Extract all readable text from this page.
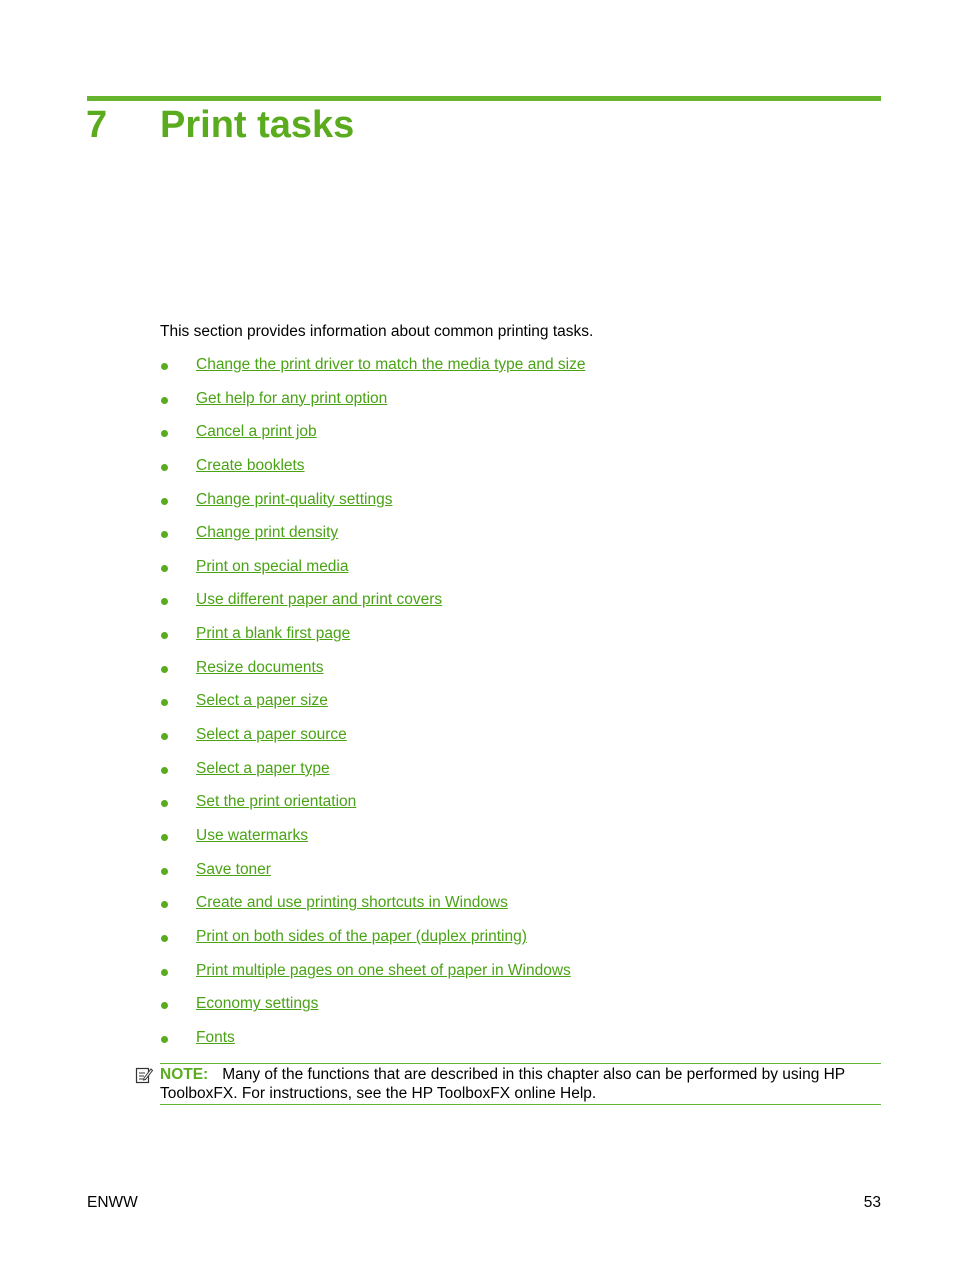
7 Print tasks
This section provides information about common printing tasks.
Change the print driver to match the media type and size
Get help for any print option
Cancel a print job
Create booklets
Change print-quality settings
Change print density
Print on special media
Use different paper and print covers
Print a blank first page
Resize documents
Select a paper size
Select a paper source
Select a paper type
Set the print orientation
Use watermarks
Save toner
Create and use printing shortcuts in Windows
Print on both sides of the paper (duplex printing)
Print multiple pages on one sheet of paper in Windows
Economy settings
Fonts
NOTE: Many of the functions that are described in this chapter also can be performed by using HP ToolboxFX. For instructions, see the HP ToolboxFX online Help.
ENWW	53
